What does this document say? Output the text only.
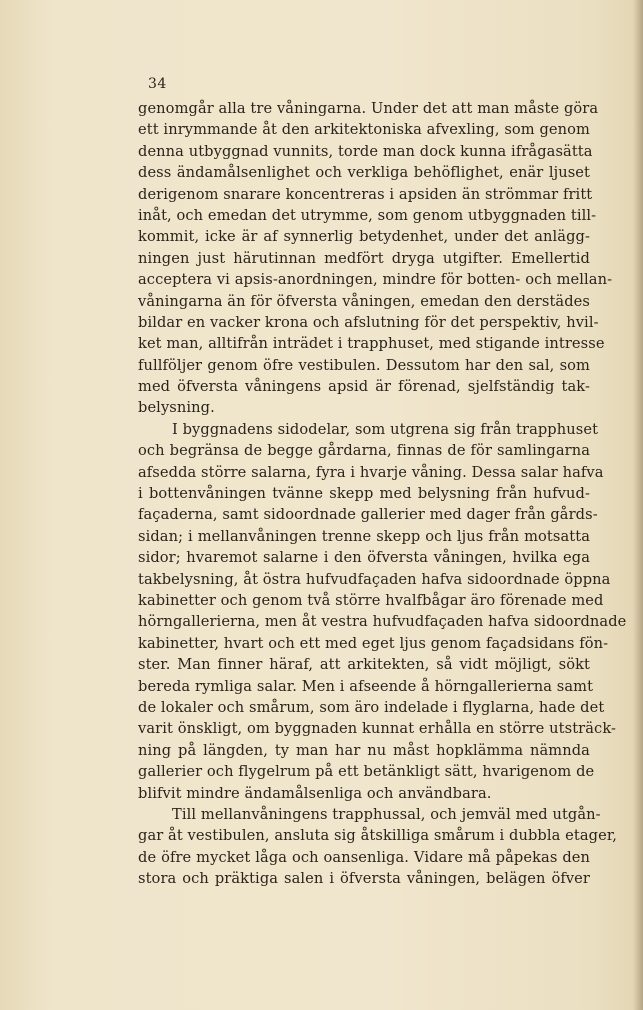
34
genomgår alla tre våningarna. Under det att man måste göra
ett inrymmande åt den arkitektoniska afvexling, som genom
denna utbyggnad vunnits, torde man dock kunna ifrågasätta
dess ändamålsenlighet och verkliga behöflighet, enär ljuset
derigenom snarare koncentreras i apsiden än strömmar fritt
inåt, och emedan det utrymme, som genom utbyggnaden till-
kommit, icke är af synnerlig betydenhet, under det anlägg-
ningen just härutinnan medfört dryga utgifter. Emellertid
acceptera vi apsis-anordningen, mindre för botten- och mellan-
våningarna än för öfversta våningen, emedan den derstädes
bildar en vacker krona och afslutning för det perspektiv, hvil-
ket man, alltifrån inträdet i trapphuset, med stigande intresse
fullföljer genom öfre vestibulen. Dessutom har den sal, som
med öfversta våningens apsid är förenad, sjelfständig tak-
belysning.
I byggnadens sidodelar, som utgrena sig från trapphuset
och begränsa de begge gårdarna, finnas de för samlingarna
afsedda större salarna, fyra i hvarje våning. Dessa salar hafva
i bottenvåningen tvänne skepp med belysning från hufvud-
façaderna, samt sidoordnade gallerier med dager från gårds-
sidan; i mellanvåningen trenne skepp och ljus från motsatta
sidor; hvaremot salarne i den öfversta våningen, hvilka ega
takbelysning, åt östra hufvudfaçaden hafva sidoordnade öppna
kabinetter och genom två större hvalfbågar äro förenade med
hörngallerierna, men åt vestra hufvudfaçaden hafva sidoordnade
kabinetter, hvart och ett med eget ljus genom façadsidans fön-
ster. Man finner häraf, att arkitekten, så vidt möjligt, sökt
bereda rymliga salar. Men i afseende å hörngallerierna samt
de lokaler och smårum, som äro indelade i flyglarna, hade det
varit önskligt, om byggnaden kunnat erhålla en större utsträck-
ning på längden, ty man har nu måst hopklämma nämnda
gallerier och flygelrum på ett betänkligt sätt, hvarigenom de
blifvit mindre ändamålsenliga och användbara.
Till mellanvåningens trapphussal, och jemväl med utgån-
gar åt vestibulen, ansluta sig åtskilliga smårum i dubbla etager,
de öfre mycket låga och oansenliga. Vidare må påpekas den
stora och präktiga salen i öfversta våningen, belägen öfver
